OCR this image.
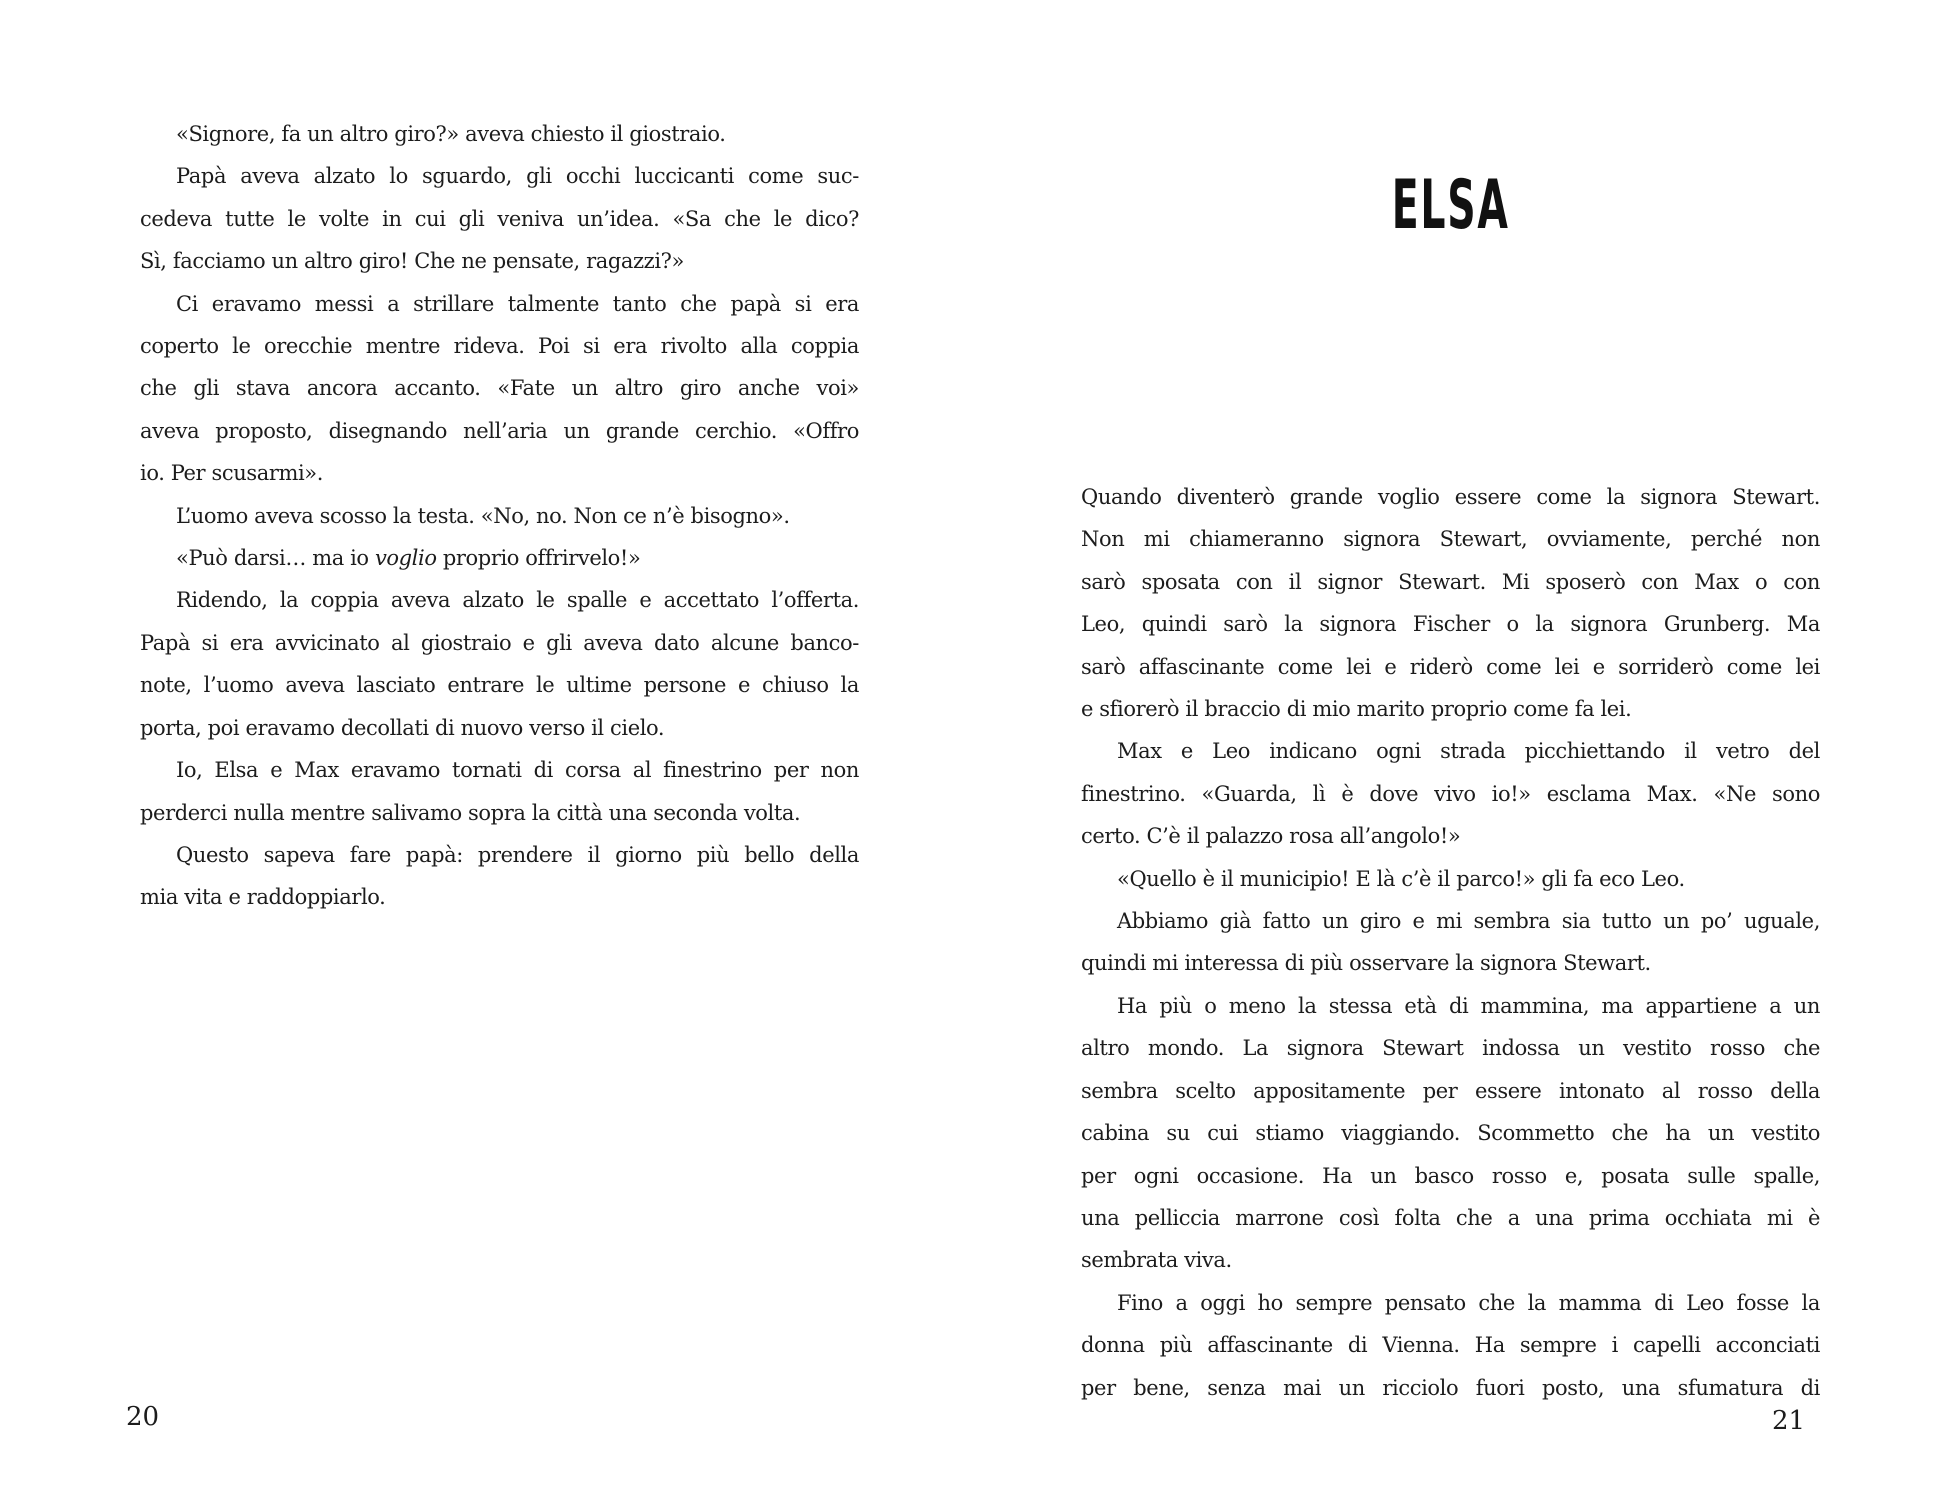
«Signore, fa un altro giro?» aveva chiesto il giostraio.
Papà aveva alzato lo sguardo, gli occhi luccicanti come suc-
cedeva tutte le volte in cui gli veniva un’idea. «Sa che le dico?
Sì, facciamo un altro giro! Che ne pensate, ragazzi?»
Ci eravamo messi a strillare talmente tanto che papà si era
coperto le orecchie mentre rideva. Poi si era rivolto alla coppia
che gli stava ancora accanto. «Fate un altro giro anche voi»
aveva proposto, disegnando nell’aria un grande cerchio. «Offro
io. Per scusarmi».
L’uomo aveva scosso la testa. «No, no. Non ce n’è bisogno».
«Può darsi… ma io voglio proprio offrirvelo!»
Ridendo, la coppia aveva alzato le spalle e accettato l’offerta.
Papà si era avvicinato al giostraio e gli aveva dato alcune banco-
note, l’uomo aveva lasciato entrare le ultime persone e chiuso la
porta, poi eravamo decollati di nuovo verso il cielo.
Io, Elsa e Max eravamo tornati di corsa al finestrino per non
perderci nulla mentre salivamo sopra la città una seconda volta.
Questo sapeva fare papà: prendere il giorno più bello della
mia vita e raddoppiarlo.
ELSA
Quando diventerò grande voglio essere come la signora Stewart.
Non mi chiameranno signora Stewart, ovviamente, perché non
sarò sposata con il signor Stewart. Mi sposerò con Max o con
Leo, quindi sarò la signora Fischer o la signora Grunberg. Ma
sarò affascinante come lei e riderò come lei e sorriderò come lei
e sfiorerò il braccio di mio marito proprio come fa lei.
Max e Leo indicano ogni strada picchiettando il vetro del
finestrino. «Guarda, lì è dove vivo io!» esclama Max. «Ne sono
certo. C’è il palazzo rosa all’angolo!»
«Quello è il municipio! E là c’è il parco!» gli fa eco Leo.
Abbiamo già fatto un giro e mi sembra sia tutto un po’ uguale,
quindi mi interessa di più osservare la signora Stewart.
Ha più o meno la stessa età di mammina, ma appartiene a un
altro mondo. La signora Stewart indossa un vestito rosso che
sembra scelto appositamente per essere intonato al rosso della
cabina su cui stiamo viaggiando. Scommetto che ha un vestito
per ogni occasione. Ha un basco rosso e, posata sulle spalle,
una pelliccia marrone così folta che a una prima occhiata mi è
sembrata viva.
Fino a oggi ho sempre pensato che la mamma di Leo fosse la
donna più affascinante di Vienna. Ha sempre i capelli acconciati
per bene, senza mai un ricciolo fuori posto, una sfumatura di
20	21
